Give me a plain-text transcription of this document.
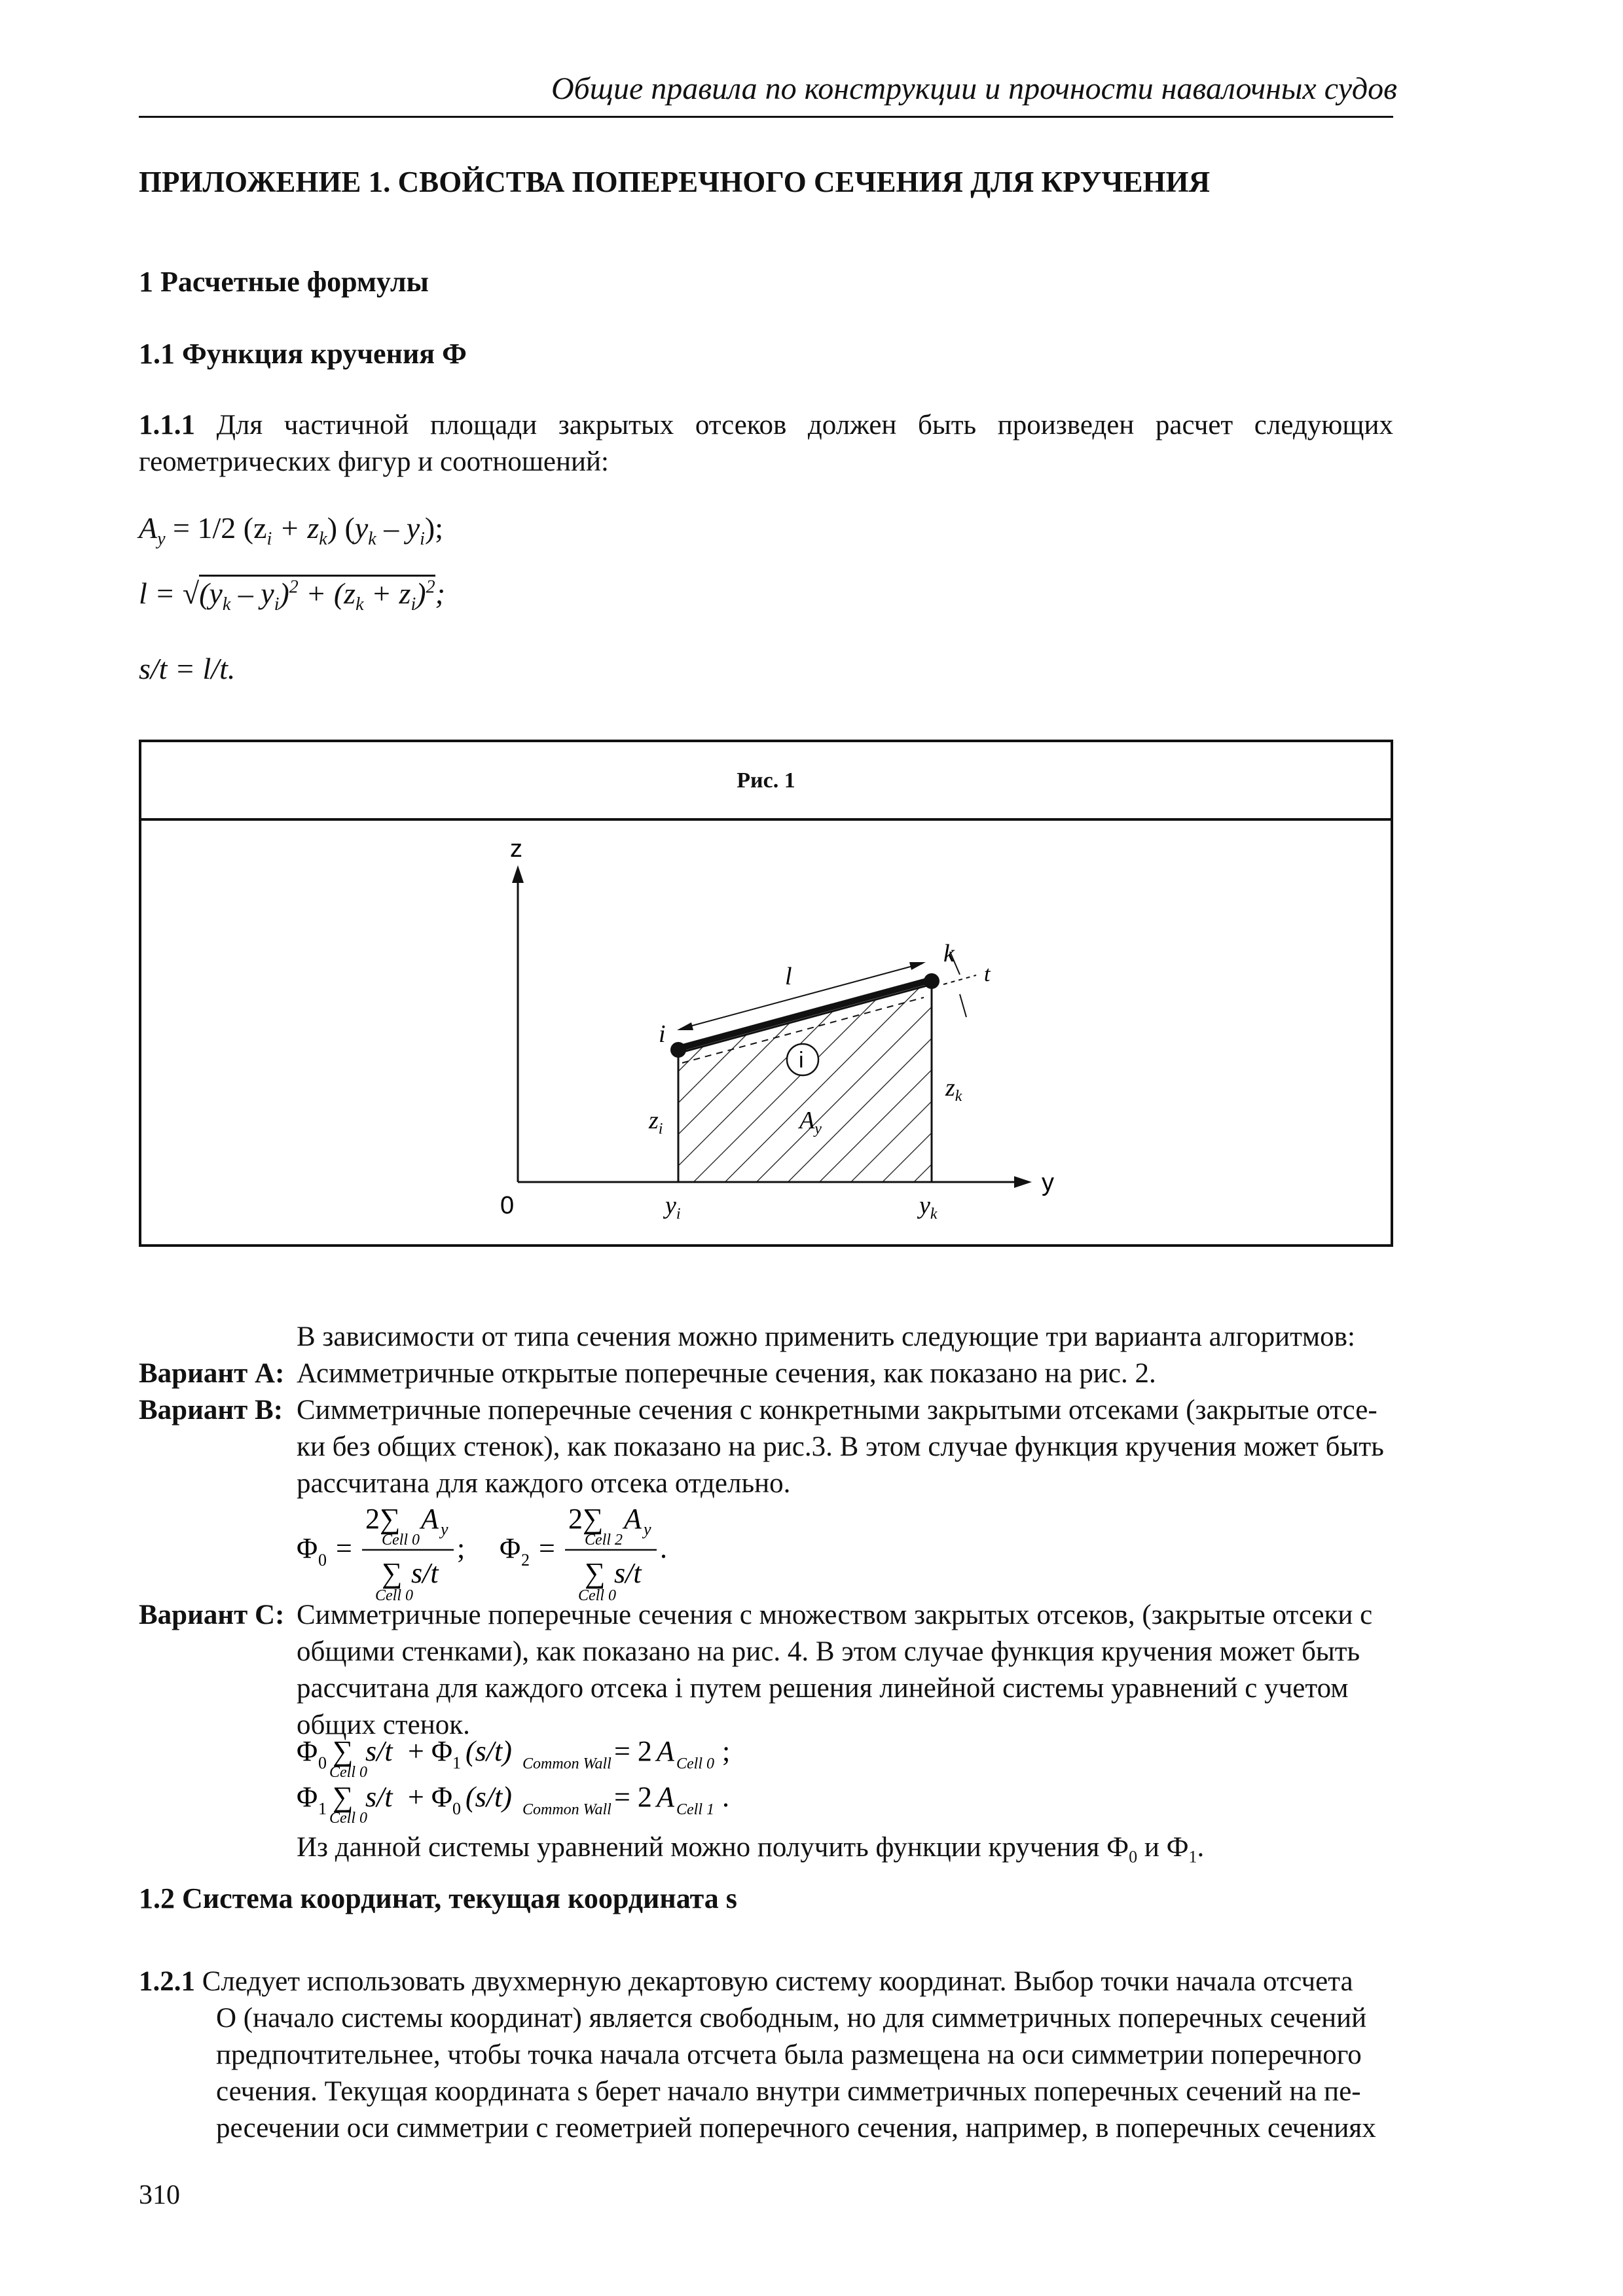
Общие правила по конструкции и прочности навалочных судов
ПРИЛОЖЕНИЕ 1. СВОЙСТВА ПОПЕРЕЧНОГО СЕЧЕНИЯ ДЛЯ КРУЧЕНИЯ
1 Расчетные формулы
1.1 Функция кручения Ф
1.1.1 Для частичной площади закрытых отсеков должен быть произведен расчет следующих геометрических фигур и соотношений:
$A_y = 1/2$ $(z_i + z_k)$ $(y_k - y_i)$;
$l = √(y_k - y_i)^2 + (z_k + z_i)^2$;
s/t = l/t.
Рис. 1
i
z
y
0
i
k
l	t
$z_i$
$z_k$
$y_i$	$y_k$
$A_y$
В зависимости от типа сечения можно применить следующие три варианта алгоритмов:
Вариант А: Асимметричные открытые поперечные сечения, как показано на рис. 2.
Вариант B: Симметричные поперечные сечения с конкретными закрытыми отсеками (закрытые отсе-
ки без общих стенок), как показано на рис.3. В этом случае функция кручения может быть
рассчитана для каждого отсека отдельно.
Φ 0 =
2∑ A y
Cell 0
∑ s/t
Cell 0
; Φ 2 =
2∑ A y
Cell 2
∑ s/t
Cell 0
.
Вариант С: Симметричные поперечные сечения с множеством закрытых отсеков, (закрытые отсеки с
общими стенками), как показано на рис. 4. В этом случае функция кручения может быть
рассчитана для каждого отсека i путем решения линейной системы уравнений с учетом
общих стенок.
Φ 0 ∑ s/t
Cell 0
+ Φ 1 (s/t) Common Wall = 2 A Cell 0 ;
Φ 1 ∑ s/t
Cell 0
+ Φ 0 (s/t) Common Wall = 2 A Cell 1 .
Из данной системы уравнений можно получить функции кручения $Ф_0$ и $Ф_1$.
1.2 Система координат, текущая координата s
1.2.1 Следует использовать двухмерную декартовую систему координат. Выбор точки начала отсчета
О (начало системы координат) является свободным, но для симметричных поперечных сечений
предпочтительнее, чтобы точка начала отсчета была размещена на оси симметрии поперечного
сечения. Текущая координата s берет начало внутри симметричных поперечных сечений на пе-
ресечении оси симметрии с геометрией поперечного сечения, например, в поперечных сечениях
310
